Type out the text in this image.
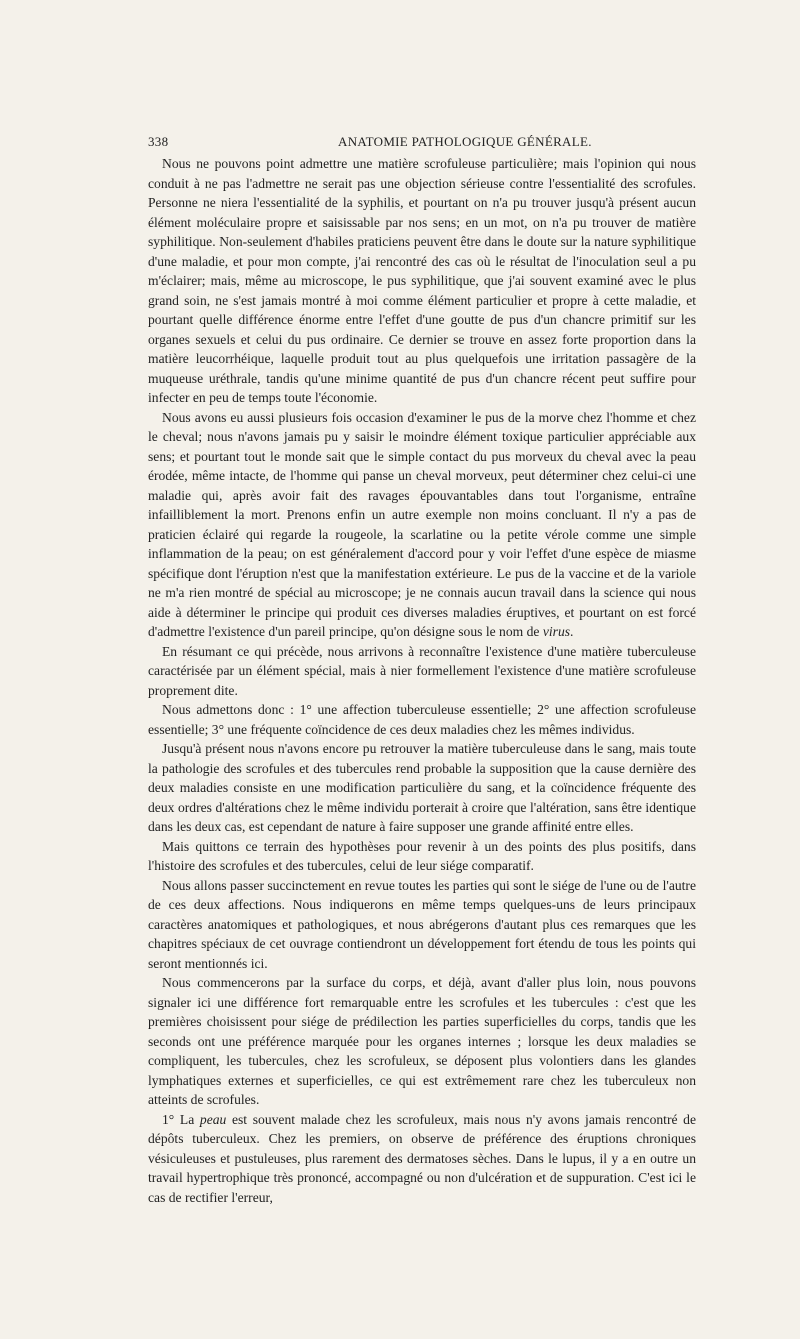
338	ANATOMIE PATHOLOGIQUE GÉNÉRALE.

Nous ne pouvons point admettre une matière scrofuleuse particulière; mais l'opinion qui nous conduit à ne pas l'admettre ne serait pas une objection sérieuse contre l'essentialité des scrofules. Personne ne niera l'essentialité de la syphilis, et pourtant on n'a pu trouver jusqu'à présent aucun élément moléculaire propre et saisissable par nos sens; en un mot, on n'a pu trouver de matière syphilitique. Non-seulement d'habiles praticiens peuvent être dans le doute sur la nature syphilitique d'une maladie, et pour mon compte, j'ai rencontré des cas où le résultat de l'inoculation seul a pu m'éclairer; mais, même au microscope, le pus syphilitique, que j'ai souvent examiné avec le plus grand soin, ne s'est jamais montré à moi comme élément particulier et propre à cette maladie, et pourtant quelle différence énorme entre l'effet d'une goutte de pus d'un chancre primitif sur les organes sexuels et celui du pus ordinaire. Ce dernier se trouve en assez forte proportion dans la matière leucorrhéique, laquelle produit tout au plus quelquefois une irritation passagère de la muqueuse uréthrale, tandis qu'une minime quantité de pus d'un chancre récent peut suffire pour infecter en peu de temps toute l'économie.

Nous avons eu aussi plusieurs fois occasion d'examiner le pus de la morve chez l'homme et chez le cheval; nous n'avons jamais pu y saisir le moindre élément toxique particulier appréciable aux sens; et pourtant tout le monde sait que le simple contact du pus morveux du cheval avec la peau érodée, même intacte, de l'homme qui panse un cheval morveux, peut déterminer chez celui-ci une maladie qui, après avoir fait des ravages épouvantables dans tout l'organisme, entraîne infailliblement la mort. Prenons enfin un autre exemple non moins concluant. Il n'y a pas de praticien éclairé qui regarde la rougeole, la scarlatine ou la petite vérole comme une simple inflammation de la peau; on est généralement d'accord pour y voir l'effet d'une espèce de miasme spécifique dont l'éruption n'est que la manifestation extérieure. Le pus de la vaccine et de la variole ne m'a rien montré de spécial au microscope; je ne connais aucun travail dans la science qui nous aide à déterminer le principe qui produit ces diverses maladies éruptives, et pourtant on est forcé d'admettre l'existence d'un pareil principe, qu'on désigne sous le nom de virus.

En résumant ce qui précède, nous arrivons à reconnaître l'existence d'une matière tuberculeuse caractérisée par un élément spécial, mais à nier formellement l'existence d'une matière scrofuleuse proprement dite.

Nous admettons donc : 1° une affection tuberculeuse essentielle; 2° une affection scrofuleuse essentielle; 3° une fréquente coïncidence de ces deux maladies chez les mêmes individus.

Jusqu'à présent nous n'avons encore pu retrouver la matière tuberculeuse dans le sang, mais toute la pathologie des scrofules et des tubercules rend probable la supposition que la cause dernière des deux maladies consiste en une modification particulière du sang, et la coïncidence fréquente des deux ordres d'altérations chez le même individu porterait à croire que l'altération, sans être identique dans les deux cas, est cependant de nature à faire supposer une grande affinité entre elles.

Mais quittons ce terrain des hypothèses pour revenir à un des points des plus positifs, dans l'histoire des scrofules et des tubercules, celui de leur siége comparatif.

Nous allons passer succinctement en revue toutes les parties qui sont le siége de l'une ou de l'autre de ces deux affections. Nous indiquerons en même temps quelques-uns de leurs principaux caractères anatomiques et pathologiques, et nous abrégerons d'autant plus ces remarques que les chapitres spéciaux de cet ouvrage contiendront un développement fort étendu de tous les points qui seront mentionnés ici.

Nous commencerons par la surface du corps, et déjà, avant d'aller plus loin, nous pouvons signaler ici une différence fort remarquable entre les scrofules et les tubercules : c'est que les premières choisissent pour siége de prédilection les parties superficielles du corps, tandis que les seconds ont une préférence marquée pour les organes internes ; lorsque les deux maladies se compliquent, les tubercules, chez les scrofuleux, se déposent plus volontiers dans les glandes lymphatiques externes et superficielles, ce qui est extrêmement rare chez les tuberculeux non atteints de scrofules.

1° La peau est souvent malade chez les scrofuleux, mais nous n'y avons jamais rencontré de dépôts tuberculeux. Chez les premiers, on observe de préférence des éruptions chroniques vésiculeuses et pustuleuses, plus rarement des dermatoses sèches. Dans le lupus, il y a en outre un travail hypertrophique très prononcé, accompagné ou non d'ulcération et de suppuration. C'est ici le cas de rectifier l'erreur,
